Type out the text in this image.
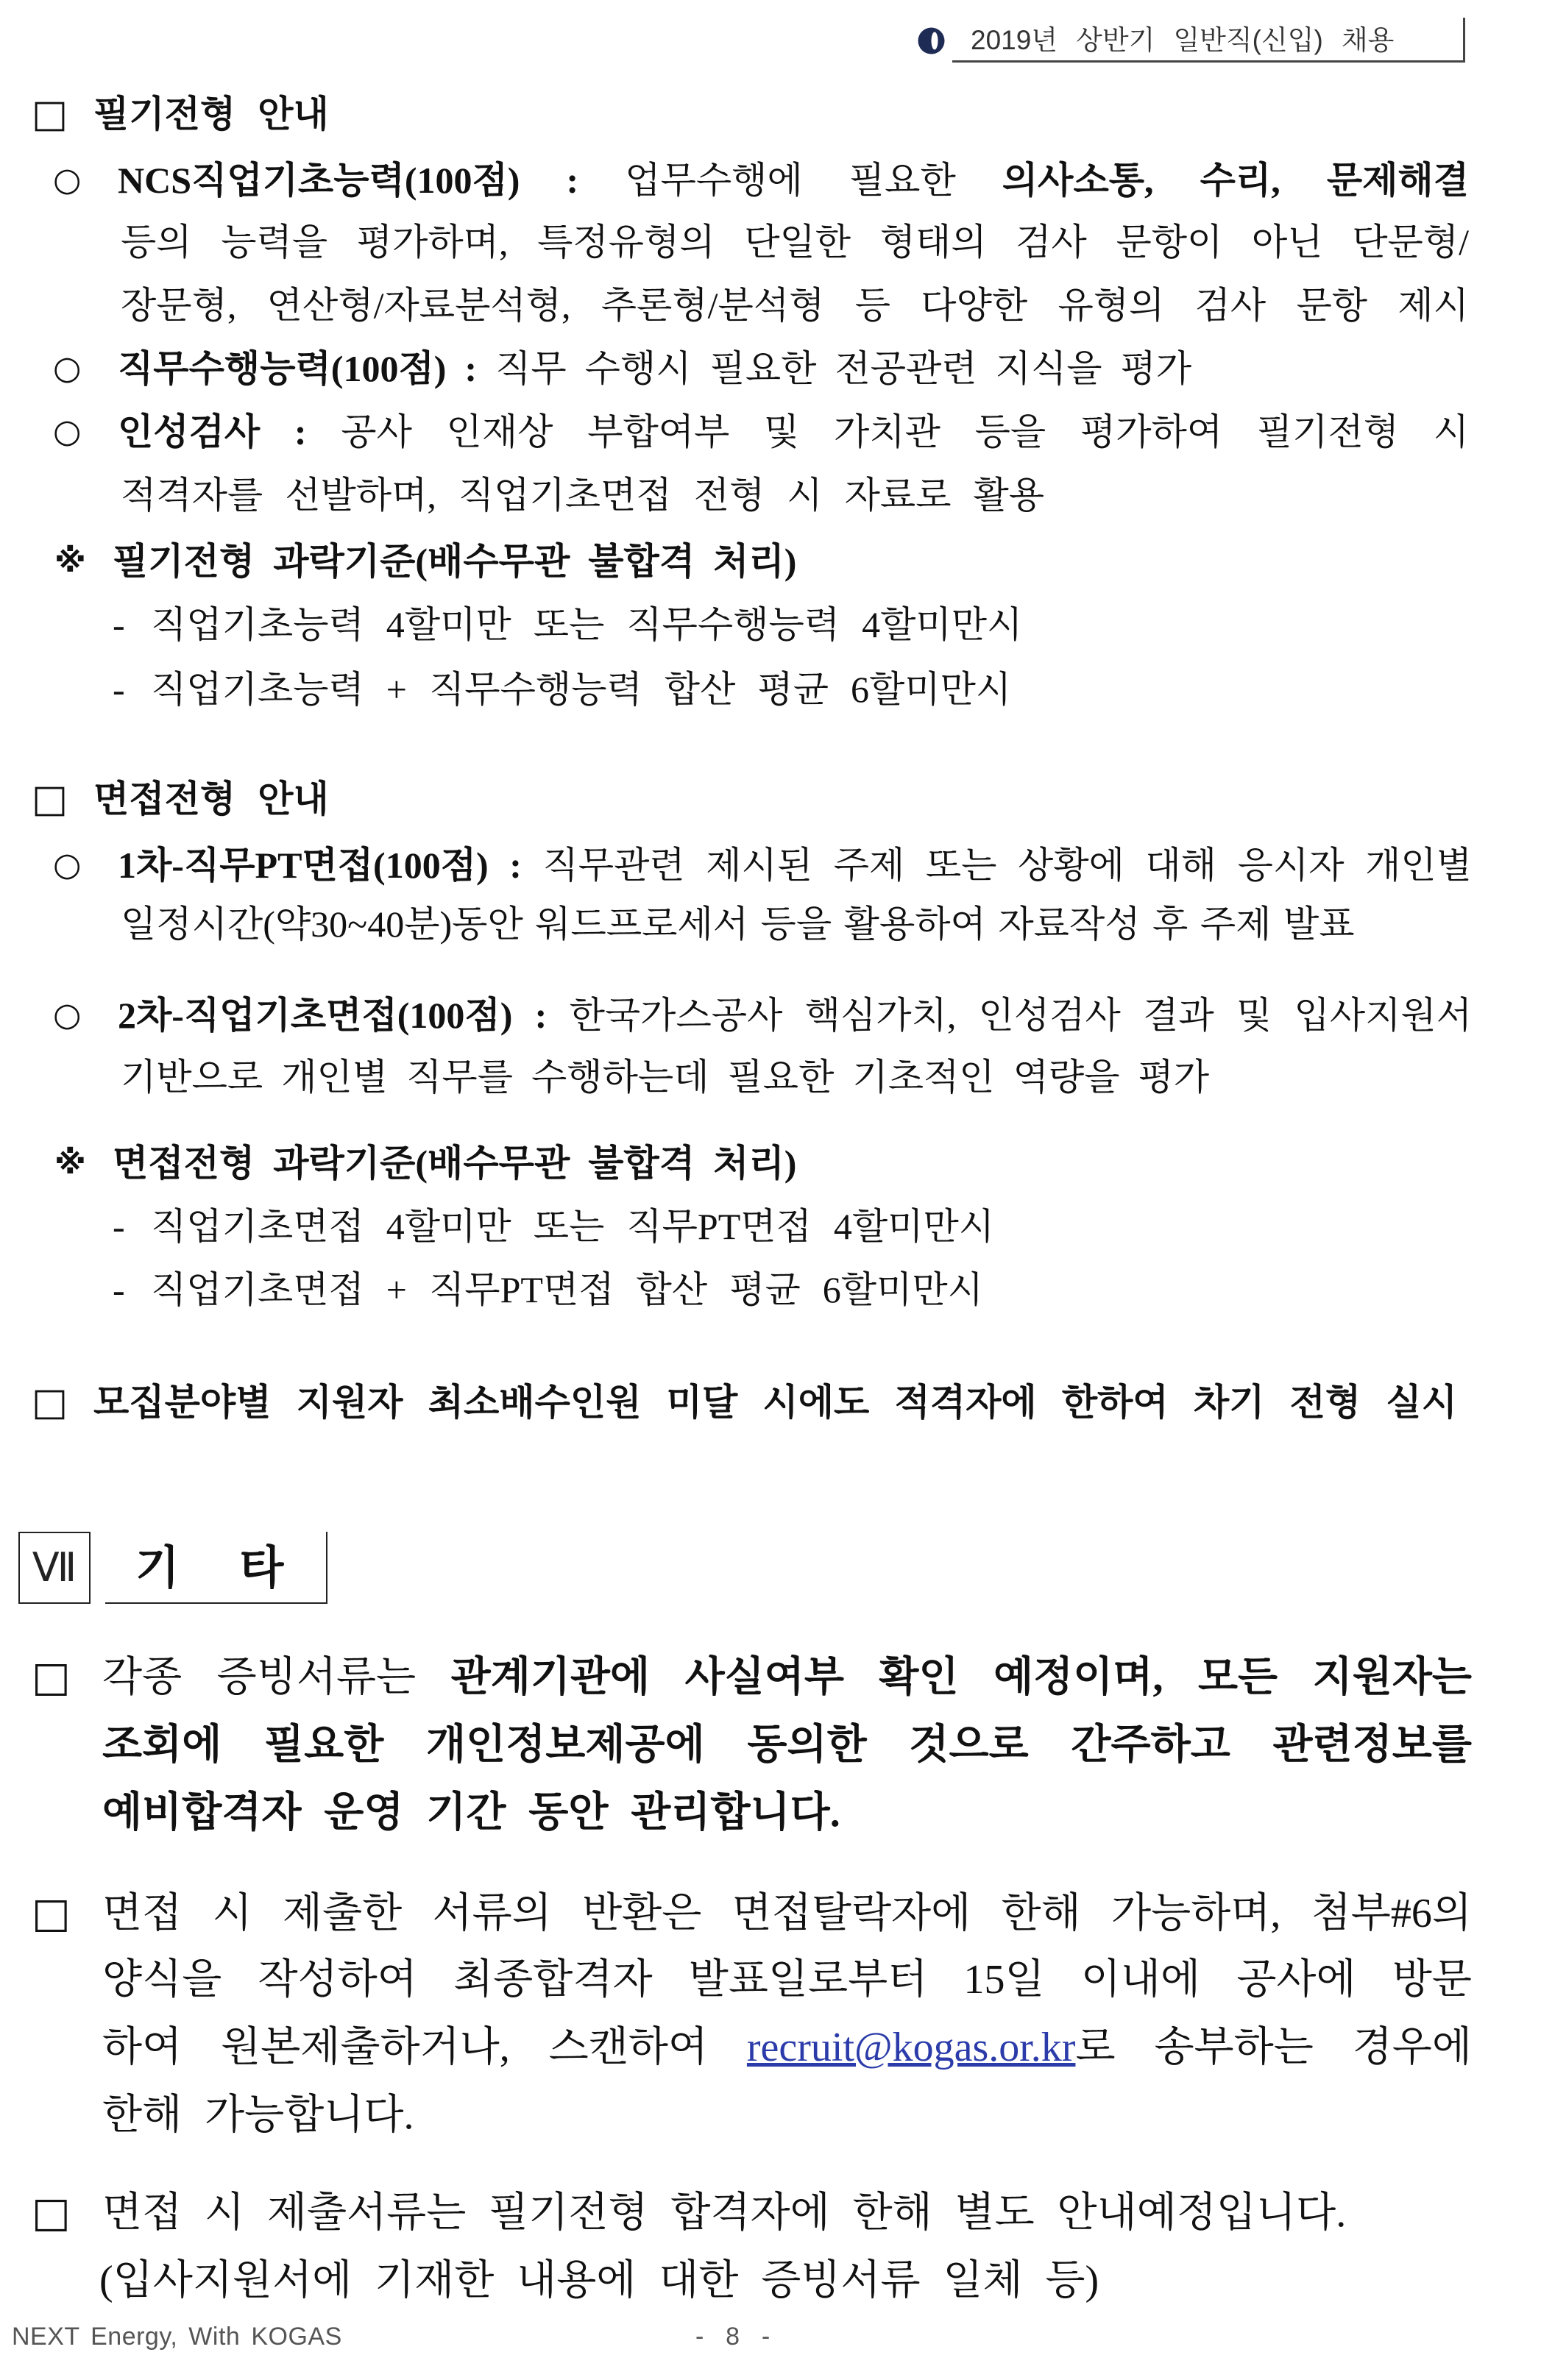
2019년 상반기 일반직(신입) 채용
□ 필기전형 안내
○ NCS직업기초능력(100점) : 업무수행에 필요한 의사소통, 수리, 문제해결
등의 능력을 평가하며, 특정유형의 단일한 형태의 검사 문항이 아닌 단문형/
장문형, 연산형/자료분석형, 추론형/분석형 등 다양한 유형의 검사 문항 제시
○ 직무수행능력(100점) : 직무 수행시 필요한 전공관련 지식을 평가
○ 인성검사 : 공사 인재상 부합여부 및 가치관 등을 평가하여 필기전형 시
적격자를 선발하며, 직업기초면접 전형 시 자료로 활용
※ 필기전형 과락기준(배수무관 불합격 처리)
- 직업기초능력 4할미만 또는 직무수행능력 4할미만시
- 직업기초능력 + 직무수행능력 합산 평균 6할미만시
□ 면접전형 안내
○ 1차-직무PT면접(100점) : 직무관련 제시된 주제 또는 상황에 대해 응시자 개인별
일정시간(약30~40분)동안 워드프로세서 등을 활용하여 자료작성 후 주제 발표
○ 2차-직업기초면접(100점) : 한국가스공사 핵심가치, 인성검사 결과 및 입사지원서
기반으로 개인별 직무를 수행하는데 필요한 기초적인 역량을 평가
※ 면접전형 과락기준(배수무관 불합격 처리)
- 직업기초면접 4할미만 또는 직무PT면접 4할미만시
- 직업기초면접 + 직무PT면접 합산 평균 6할미만시
□ 모집분야별 지원자 최소배수인원 미달 시에도 적격자에 한하여 차기 전형 실시
Ⅶ	기 타
□ 각종 증빙서류는 관계기관에 사실여부 확인 예정이며, 모든 지원자는
조회에 필요한 개인정보제공에 동의한 것으로 간주하고 관련정보를
예비합격자 운영 기간 동안 관리합니다.
□ 면접 시 제출한 서류의 반환은 면접탈락자에 한해 가능하며, 첨부#6의
양식을 작성하여 최종합격자 발표일로부터 15일 이내에 공사에 방문
하여 원본제출하거나, 스캔하여 recruit@kogas.or.kr로 송부하는 경우에
한해 가능합니다.
□ 면접 시 제출서류는 필기전형 합격자에 한해 별도 안내예정입니다.
(입사지원서에 기재한 내용에 대한 증빙서류 일체 등)
NEXT Energy, With KOGAS	- 8 -
